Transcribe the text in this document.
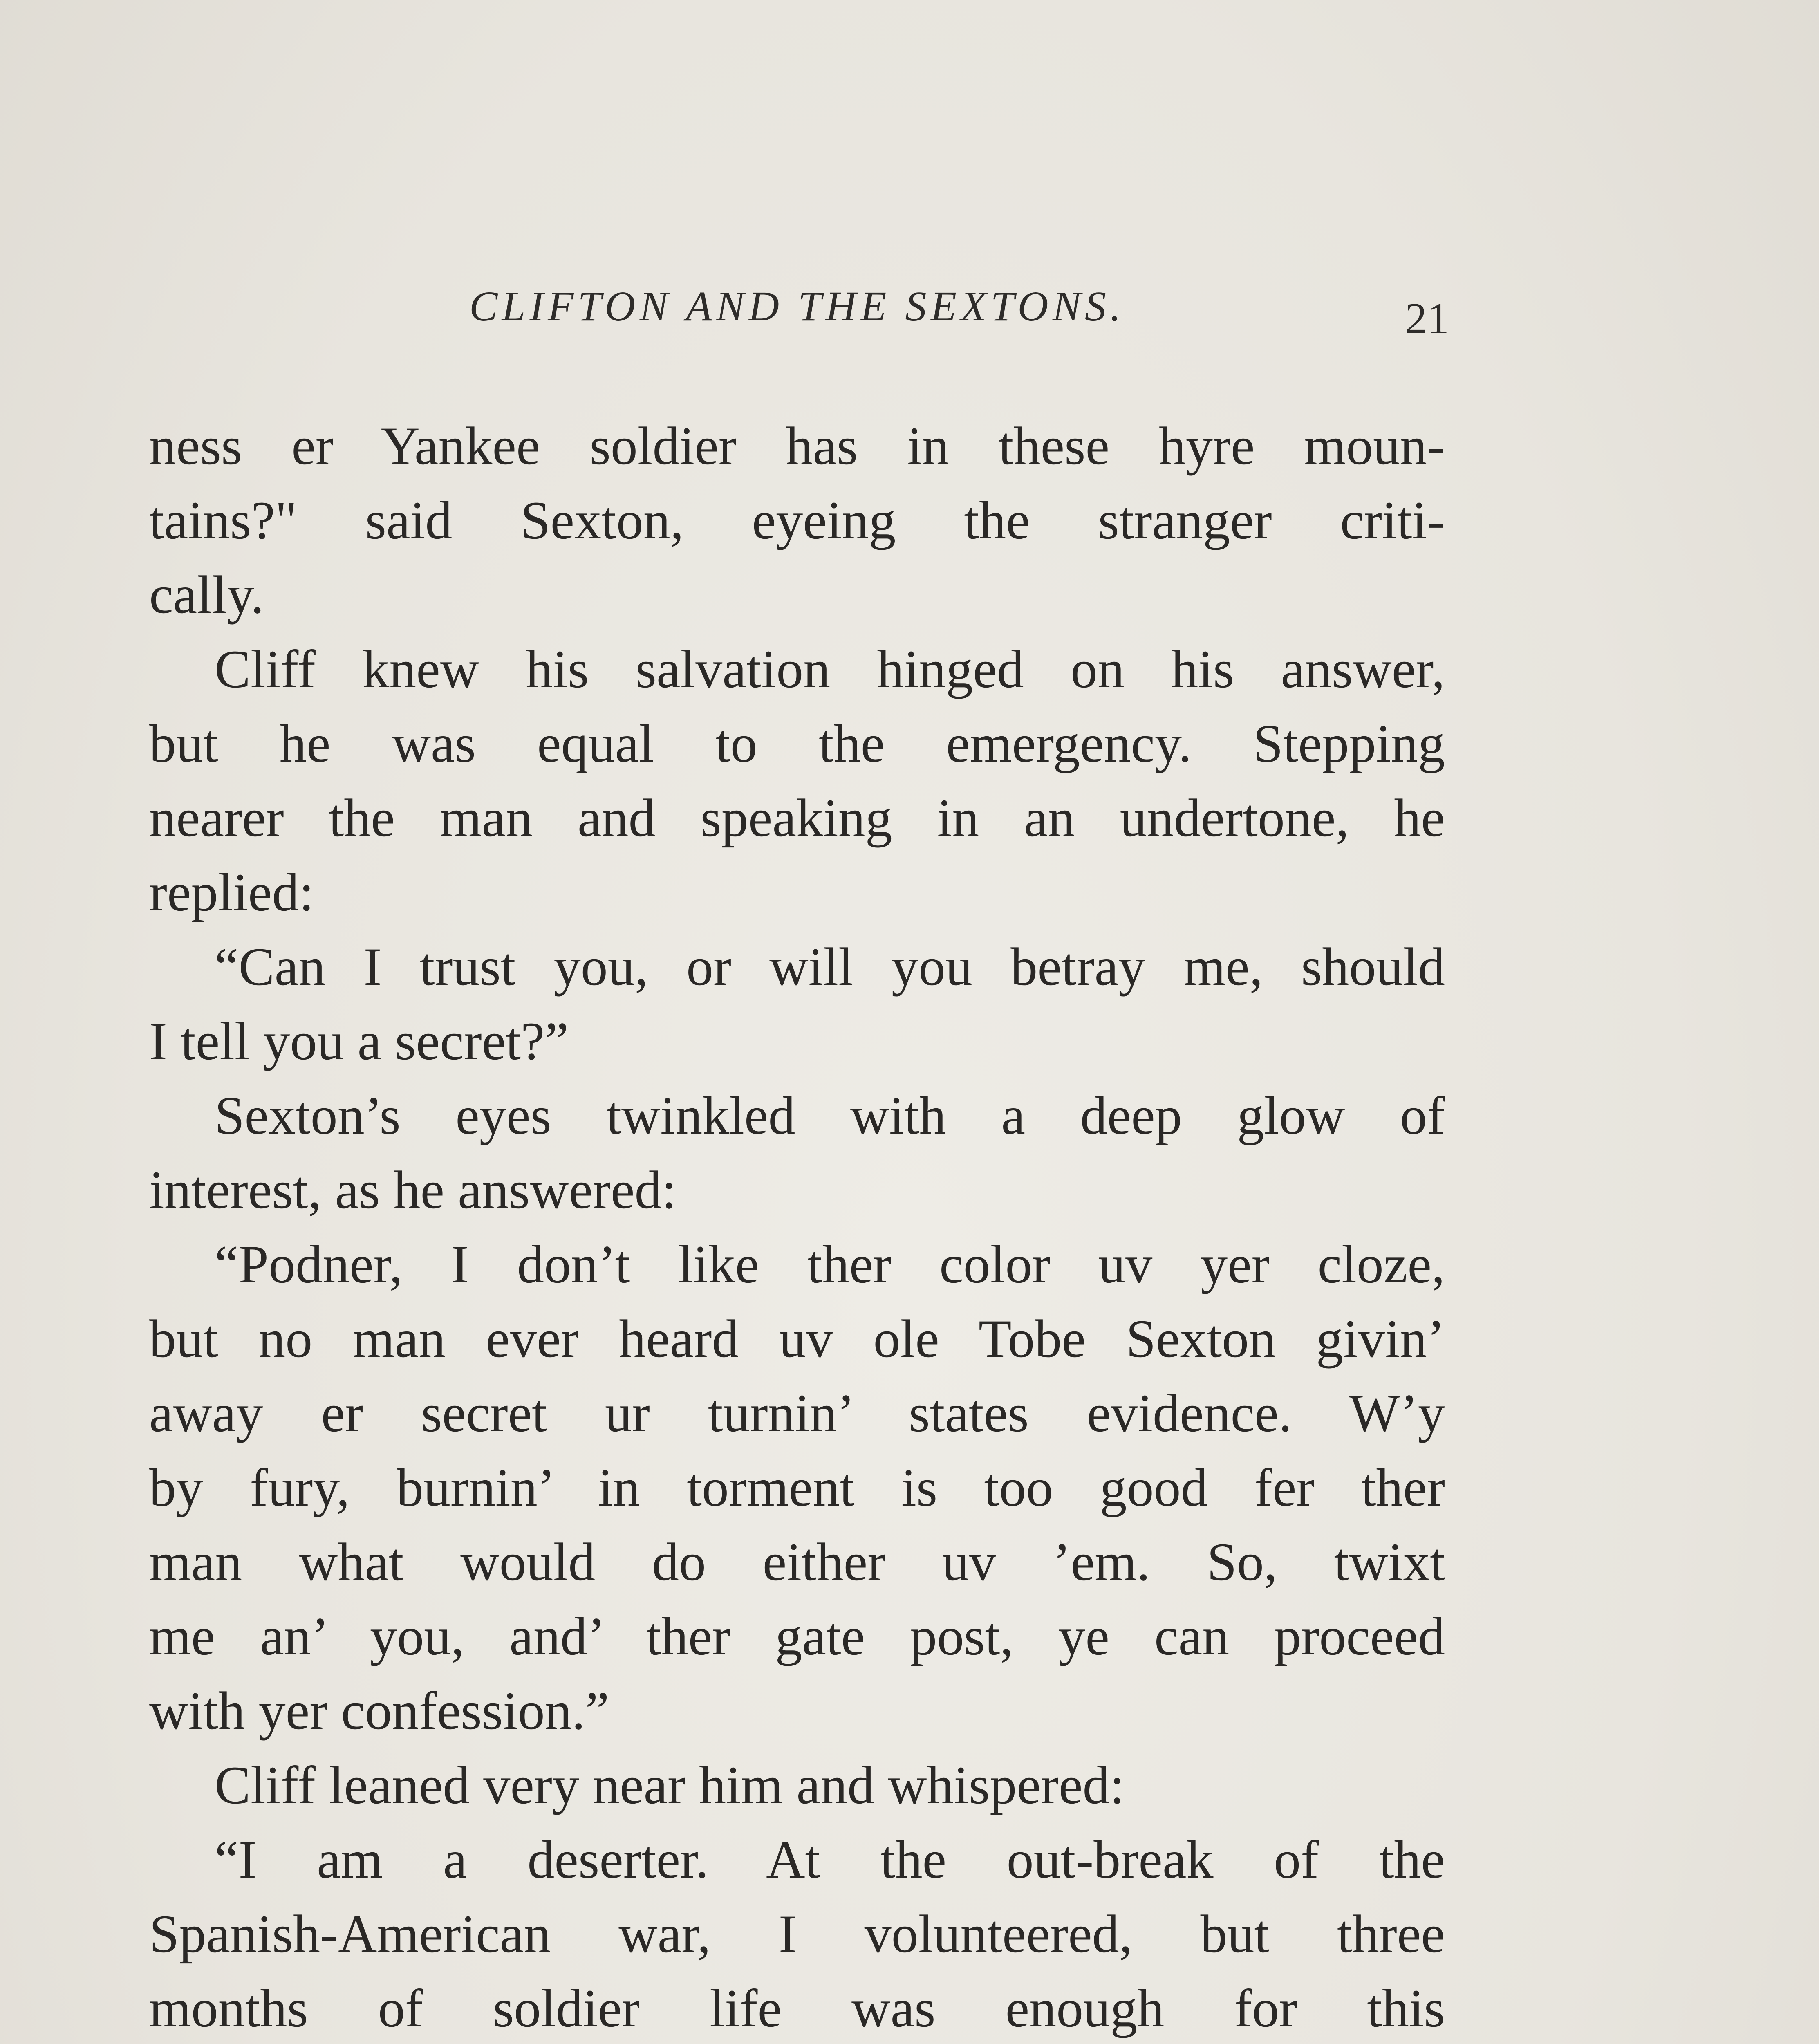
CLIFTON AND THE SEXTONS.	21
ness er Yankee soldier has in these hyre moun-
tains?" said Sexton, eyeing the stranger criti-
cally.
Cliff knew his salvation hinged on his answer,
but he was equal to the emergency. Stepping
nearer the man and speaking in an undertone, he
replied:
“Can I trust you, or will you betray me, should
I tell you a secret?”
Sexton’s eyes twinkled with a deep glow of
interest, as he answered:
“Podner, I don’t like ther color uv yer cloze,
but no man ever heard uv ole Tobe Sexton givin’
away er secret ur turnin’ states evidence. W’y
by fury, burnin’ in torment is too good fer ther
man what would do either uv ’em. So, twixt
me an’ you, and’ ther gate post, ye can proceed
with yer confession.”
Cliff leaned very near him and whispered:
“I am a deserter. At the out-break of the
Spanish-American war, I volunteered, but three
months of soldier life was enough for this
